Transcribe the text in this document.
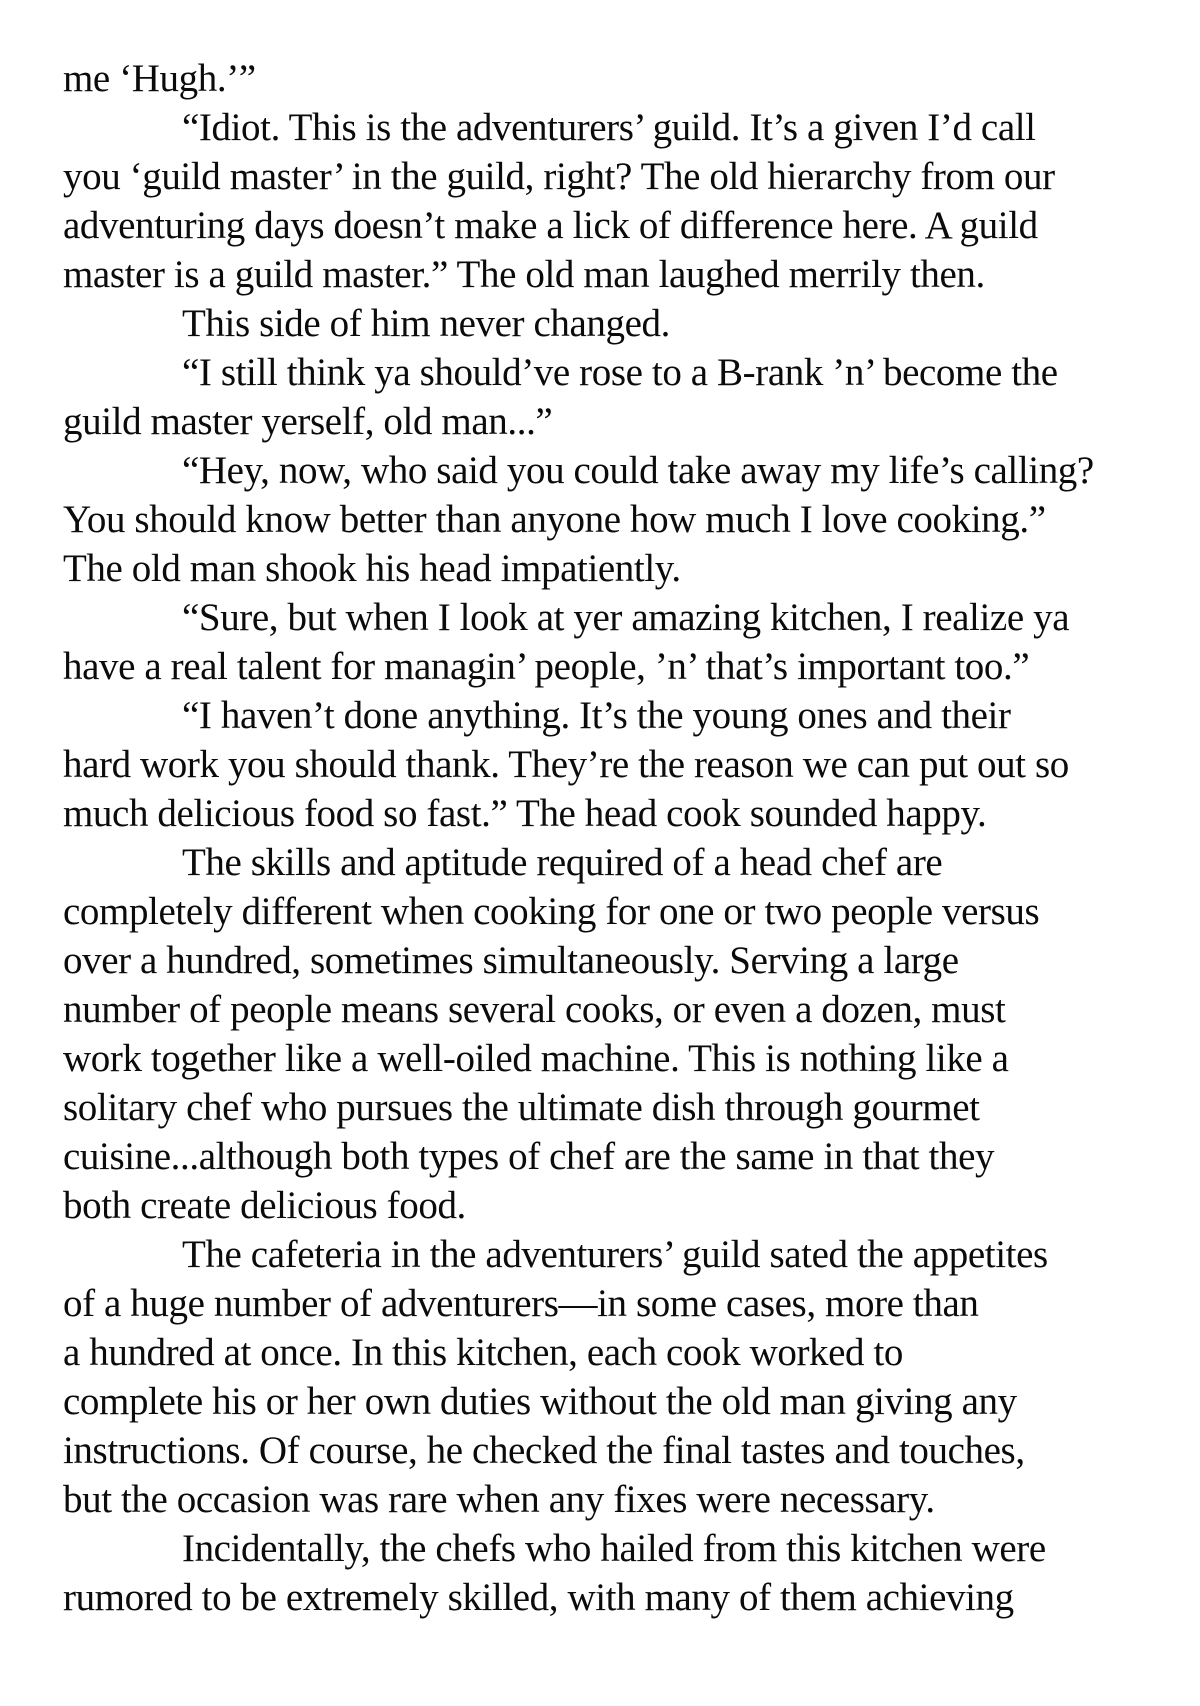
me ‘Hugh.’”
“Idiot. This is the adventurers’ guild. It’s a given I’d call
you ‘guild master’ in the guild, right? The old hierarchy from our
adventuring days doesn’t make a lick of difference here. A guild
master is a guild master.” The old man laughed merrily then.
This side of him never changed.
“I still think ya should’ve rose to a B-rank ’n’ become the
guild master yerself, old man...”
“Hey, now, who said you could take away my life’s calling?
You should know better than anyone how much I love cooking.”
The old man shook his head impatiently.
“Sure, but when I look at yer amazing kitchen, I realize ya
have a real talent for managin’ people, ’n’ that’s important too.”
“I haven’t done anything. It’s the young ones and their
hard work you should thank. They’re the reason we can put out so
much delicious food so fast.” The head cook sounded happy.
The skills and aptitude required of a head chef are
completely different when cooking for one or two people versus
over a hundred, sometimes simultaneously. Serving a large
number of people means several cooks, or even a dozen, must
work together like a well-oiled machine. This is nothing like a
solitary chef who pursues the ultimate dish through gourmet
cuisine...although both types of chef are the same in that they
both create delicious food.
The cafeteria in the adventurers’ guild sated the appetites
of a huge number of adventurers—in some cases, more than
a hundred at once. In this kitchen, each cook worked to
complete his or her own duties without the old man giving any
instructions. Of course, he checked the final tastes and touches,
but the occasion was rare when any fixes were necessary.
Incidentally, the chefs who hailed from this kitchen were
rumored to be extremely skilled, with many of them achieving
